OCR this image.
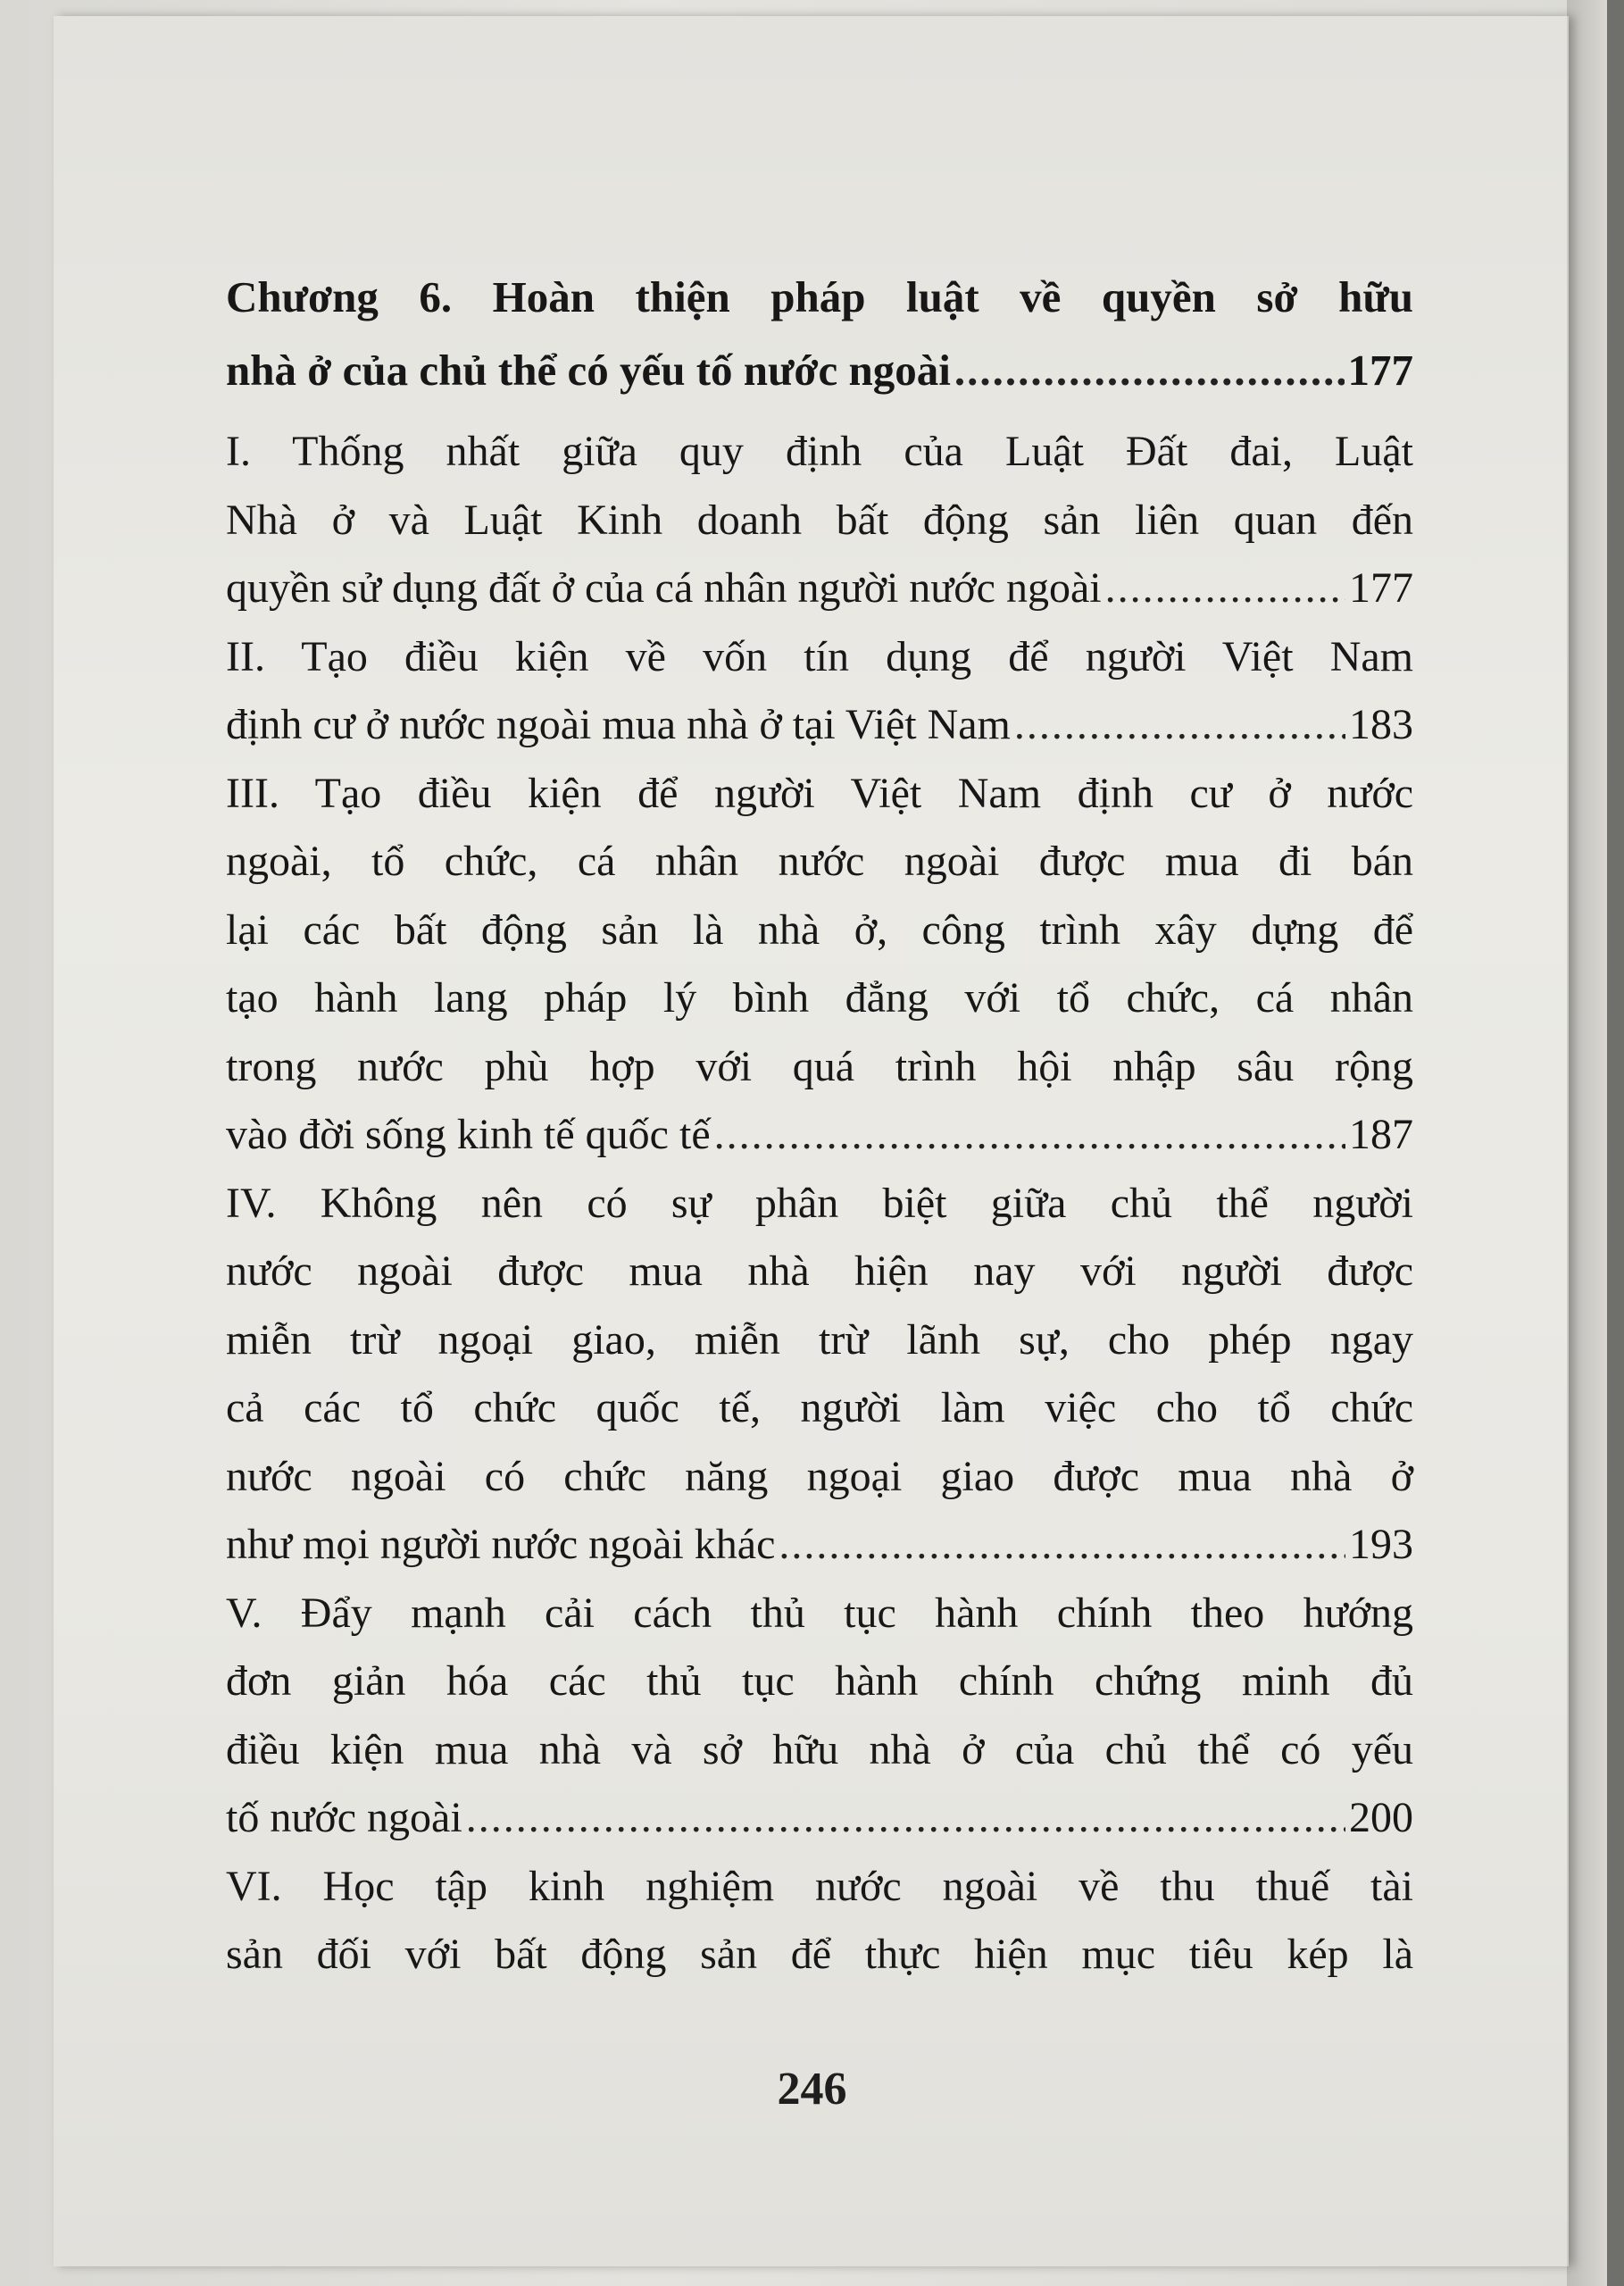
Chương 6. Hoàn thiện pháp luật về quyền sở hữu
nhà ở của chủ thể có yếu tố nước ngoài .....	177
I. Thống nhất giữa quy định của Luật Đất đai, Luật
Nhà ở và Luật Kinh doanh bất động sản liên quan đến
quyền sử dụng đất ở của cá nhân người nước ngoài .....	177
II. Tạo điều kiện về vốn tín dụng để người Việt Nam
định cư ở nước ngoài mua nhà ở tại Việt Nam .....	183
III. Tạo điều kiện để người Việt Nam định cư ở nước
ngoài, tổ chức, cá nhân nước ngoài được mua đi bán
lại các bất động sản là nhà ở, công trình xây dựng để
tạo hành lang pháp lý bình đẳng với tổ chức, cá nhân
trong nước phù hợp với quá trình hội nhập sâu rộng
vào đời sống kinh tế quốc tế .....	187
IV. Không nên có sự phân biệt giữa chủ thể người
nước ngoài được mua nhà hiện nay với người được
miễn trừ ngoại giao, miễn trừ lãnh sự, cho phép ngay
cả các tổ chức quốc tế, người làm việc cho tổ chức
nước ngoài có chức năng ngoại giao được mua nhà ở
như mọi người nước ngoài khác .....	193
V. Đẩy mạnh cải cách thủ tục hành chính theo hướng
đơn giản hóa các thủ tục hành chính chứng minh đủ
điều kiện mua nhà và sở hữu nhà ở của chủ thể có yếu
tố nước ngoài .....	200
VI. Học tập kinh nghiệm nước ngoài về thu thuế tài
sản đối với bất động sản để thực hiện mục tiêu kép là
246
